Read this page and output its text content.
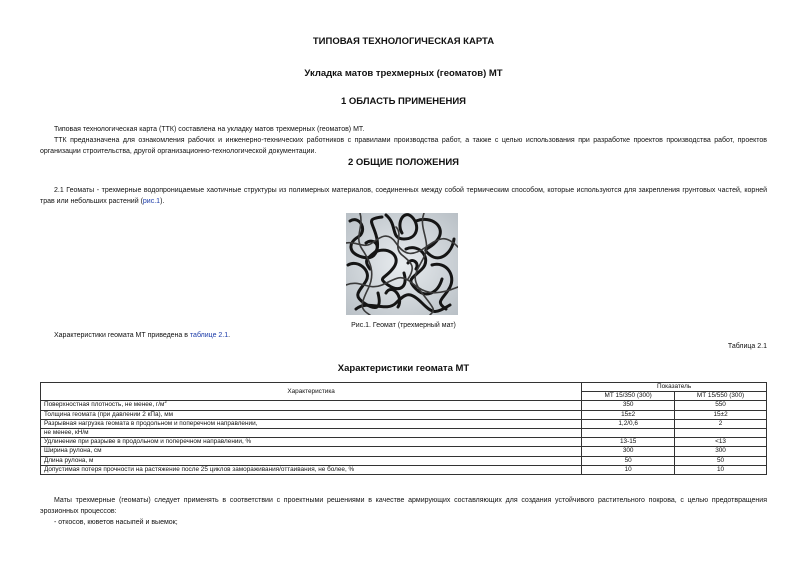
ТИПОВАЯ ТЕХНОЛОГИЧЕСКАЯ КАРТА
Укладка матов трехмерных (геоматов) МТ
1 ОБЛАСТЬ ПРИМЕНЕНИЯ
Типовая технологическая карта (ТТК) составлена на укладку матов трехмерных (геоматов) МТ.
ТТК предназначена для ознакомления рабочих и инженерно-технических работников с правилами производства работ, а также с целью использования при разработке проектов производства работ, проектов организации строительства, другой организационно-технологической документации.
2 ОБЩИЕ ПОЛОЖЕНИЯ
2.1 Геоматы - трехмерные водопроницаемые хаотичные структуры из полимерных материалов, соединенных между собой термическим способом, которые используются для закрепления грунтовых частей, корней трав или небольших растений (рис.1).
Рис.1. Геомат (трехмерный мат)
Характеристики геомата МТ приведена в таблице 2.1.
Таблица 2.1
Характеристики геомата МТ
Характеристика	Показатель	
	МТ 15/350 (300)	МТ 15/550 (300)
Поверхностная плотность, не менее, $г/м^2$	350	550
Толщина геомата (при давлении 2 кПа), мм	15±2	15±2
Разрывная нагрузка геомата в продольном и поперечном направлении,	1,2/0,6	2
не менее, кН/м		
Удлинение при разрыве в продольном и поперечном направлении, %	13-15	<13
Ширина рулона, см	300	300
Длина рулона, м	50	50
Допустимая потеря прочности на растяжение после 25 циклов замораживания/оттаивания, не более, %	10	10
Маты трехмерные (геоматы) следует применять в соответствии с проектными решениями в качестве армирующих составляющих для создания устойчивого растительного покрова, с целью предотвращения эрозионных процессов:
- откосов, кюветов насыпей и выемок;
